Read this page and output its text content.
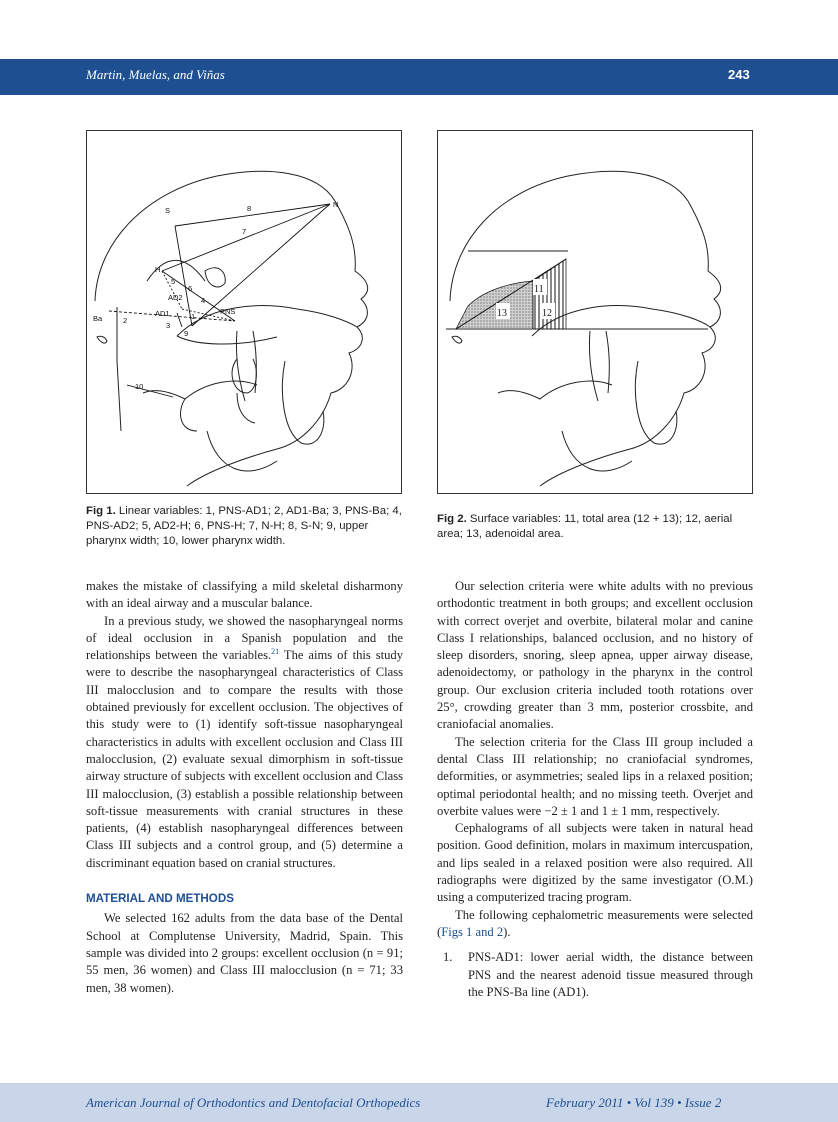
Martin, Muelas, and Viñas	243
S	8	N
7
H
5
6
AD2 4
Ba	2
AD1	1
PNS
3
9
10
11
12
13
Fig 1. Linear variables: 1, PNS-AD1; 2, AD1-Ba; 3, PNS-Ba; 4, PNS-AD2; 5, AD2-H; 6, PNS-H; 7, N-H; 8, S-N; 9, upper pharynx width; 10, lower pharynx width.
Fig 2. Surface variables: 11, total area (12 + 13); 12, aerial area; 13, adenoidal area.

makes the mistake of classifying a mild skeletal disharmony with an ideal airway and a muscular balance.

In a previous study, we showed the nasopharyngeal norms of ideal occlusion in a Spanish population and the relationships between the variables.$^{21}$ The aims of this study were to describe the nasopharyngeal characteristics of Class III malocclusion and to compare the results with those obtained previously for excellent occlusion. The objectives of this study were to (1) identify soft-tissue nasopharyngeal characteristics in adults with excellent occlusion and Class III malocclusion, (2) evaluate sexual dimorphism in soft-tissue airway structure of subjects with excellent occlusion and Class III malocclusion, (3) establish a possible relationship between soft-tissue measurements with cranial structures in these patients, (4) establish nasopharyngeal differences between Class III subjects and a control group, and (5) determine a discriminant equation based on cranial structures.

MATERIAL AND METHODS

We selected 162 adults from the data base of the Dental School at Complutense University, Madrid, Spain. This sample was divided into 2 groups: excellent occlusion (n = 91; 55 men, 36 women) and Class III malocclusion (n = 71; 33 men, 38 women).

Our selection criteria were white adults with no previous orthodontic treatment in both groups; and excellent occlusion with correct overjet and overbite, bilateral molar and canine Class I relationships, balanced occlusion, and no history of sleep disorders, snoring, sleep apnea, upper airway disease, adenoidectomy, or pathology in the pharynx in the control group. Our exclusion criteria included tooth rotations over 25°, crowding greater than 3 mm, posterior crossbite, and craniofacial anomalies.

The selection criteria for the Class III group included a dental Class III relationship; no craniofacial syndromes, deformities, or asymmetries; sealed lips in a relaxed position; optimal periodontal health; and no missing teeth. Overjet and overbite values were −2 ± 1 and 1 ± 1 mm, respectively.

Cephalograms of all subjects were taken in natural head position. Good definition, molars in maximum intercuspation, and lips sealed in a relaxed position were also required. All radiographs were digitized by the same investigator (O.M.) using a computerized tracing program.

The following cephalometric measurements were selected (Figs 1 and 2).

1.	PNS-AD1: lower aerial width, the distance between PNS and the nearest adenoid tissue measured through the PNS-Ba line (AD1).
American Journal of Orthodontics and Dentofacial Orthopedics	February 2011 • Vol 139 • Issue 2
